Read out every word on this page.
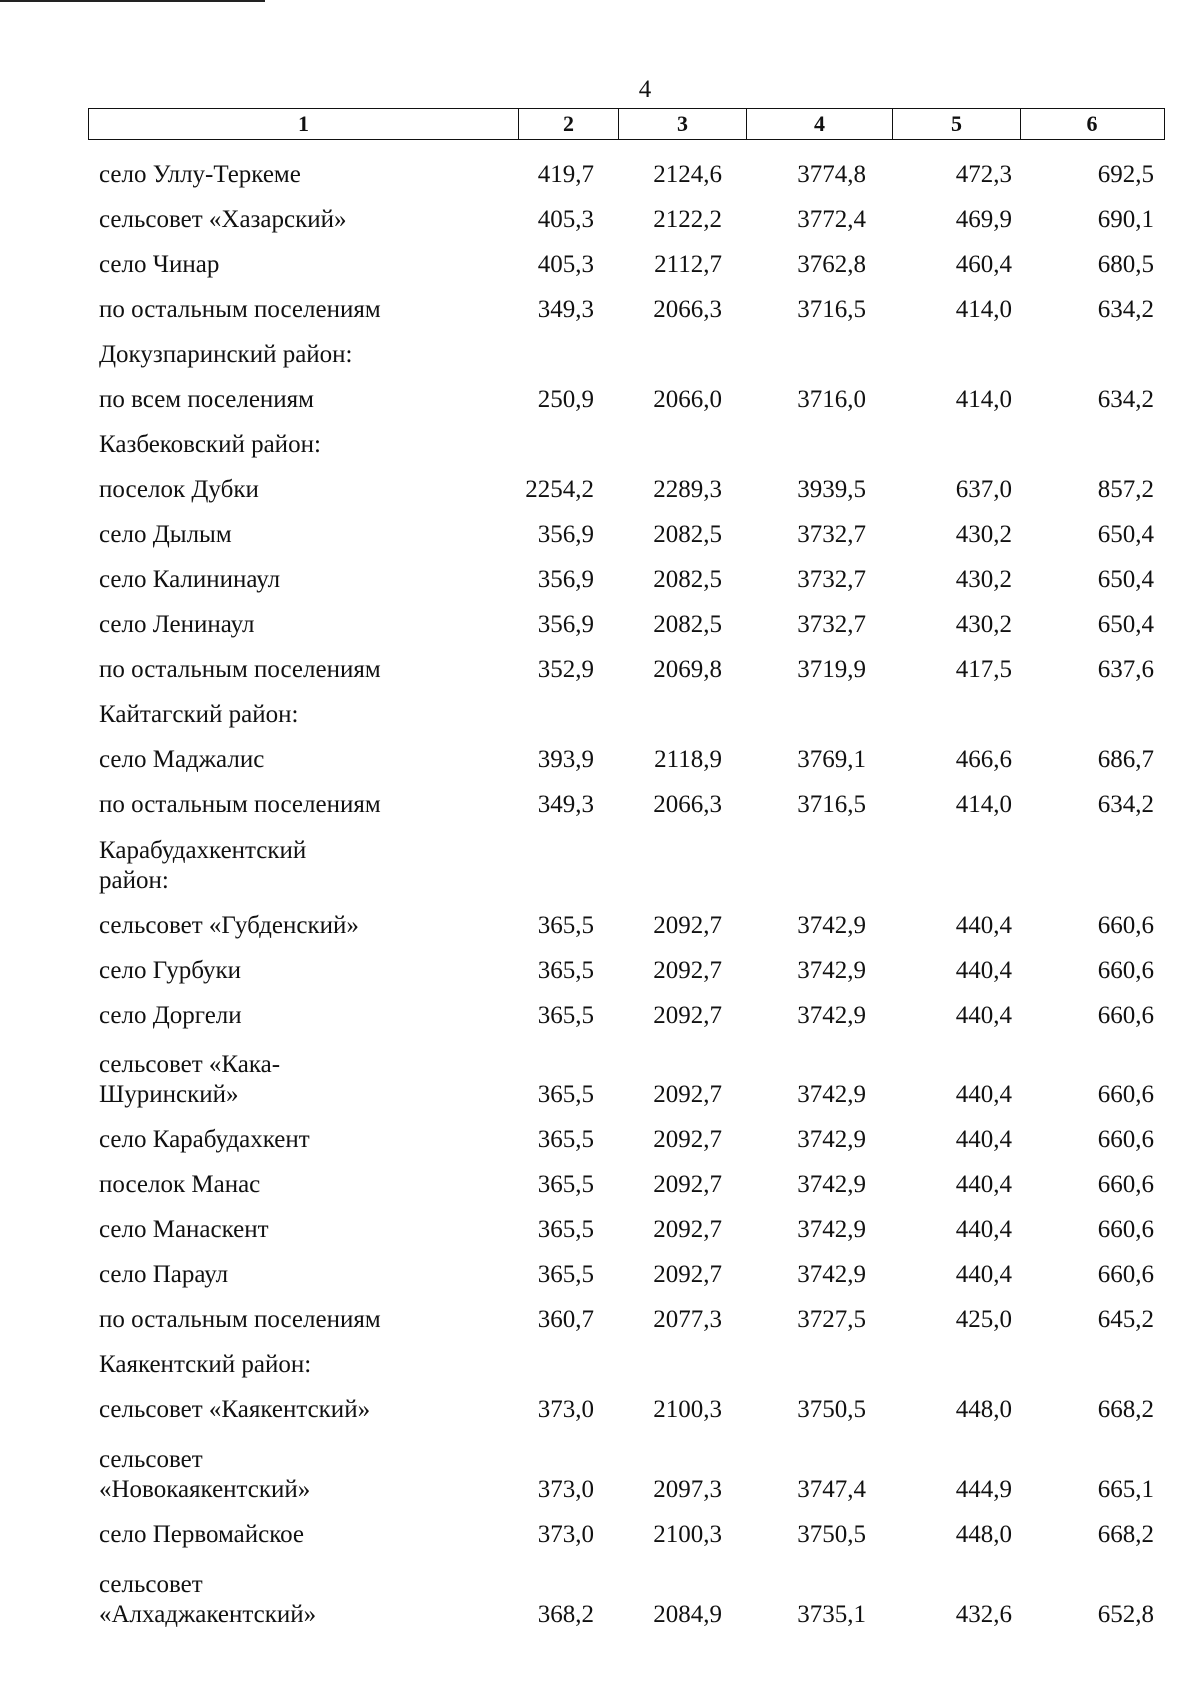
4
1	2	3	4	5	6
село Уллу-Теркеме	419,7 2124,6	3774,8	472,3	692,5
сельсовет «Хазарский»	405,3 2122,2	3772,4	469,9	690,1
село Чинар	405,3 2112,7	3762,8	460,4	680,5
по остальным поселениям	349,3 2066,3	3716,5	414,0	634,2
Докузпаринский район:
по всем поселениям	250,9 2066,0	3716,0	414,0	634,2
Казбековский район:
поселок Дубки	2254,2 2289,3	3939,5	637,0	857,2
село Дылым	356,9 2082,5	3732,7	430,2	650,4
село Калининаул	356,9 2082,5	3732,7	430,2	650,4
село Ленинаул	356,9 2082,5	3732,7	430,2	650,4
по остальным поселениям	352,9 2069,8	3719,9	417,5	637,6
Кайтагский район:
село Маджалис	393,9 2118,9	3769,1	466,6	686,7
по остальным поселениям	349,3 2066,3	3716,5	414,0	634,2
Карабудахкентский
район:
сельсовет «Губденский»	365,5 2092,7	3742,9	440,4	660,6
село Гурбуки	365,5 2092,7	3742,9	440,4	660,6
село Доргели	365,5 2092,7	3742,9	440,4	660,6
сельсовет «Кака-
Шуринский»	365,5 2092,7	3742,9	440,4	660,6
село Карабудахкент	365,5 2092,7	3742,9	440,4	660,6
поселок Манас	365,5 2092,7	3742,9	440,4	660,6
село Манаскент	365,5 2092,7	3742,9	440,4	660,6
село Параул	365,5 2092,7	3742,9	440,4	660,6
по остальным поселениям	360,7 2077,3	3727,5	425,0	645,2
Каякентский район:
сельсовет «Каякентский»	373,0 2100,3	3750,5	448,0	668,2
сельсовет
«Новокаякентский»	373,0 2097,3	3747,4	444,9	665,1
село Первомайское	373,0 2100,3	3750,5	448,0	668,2
сельсовет
«Алхаджакентский»	368,2 2084,9	3735,1	432,6	652,8
